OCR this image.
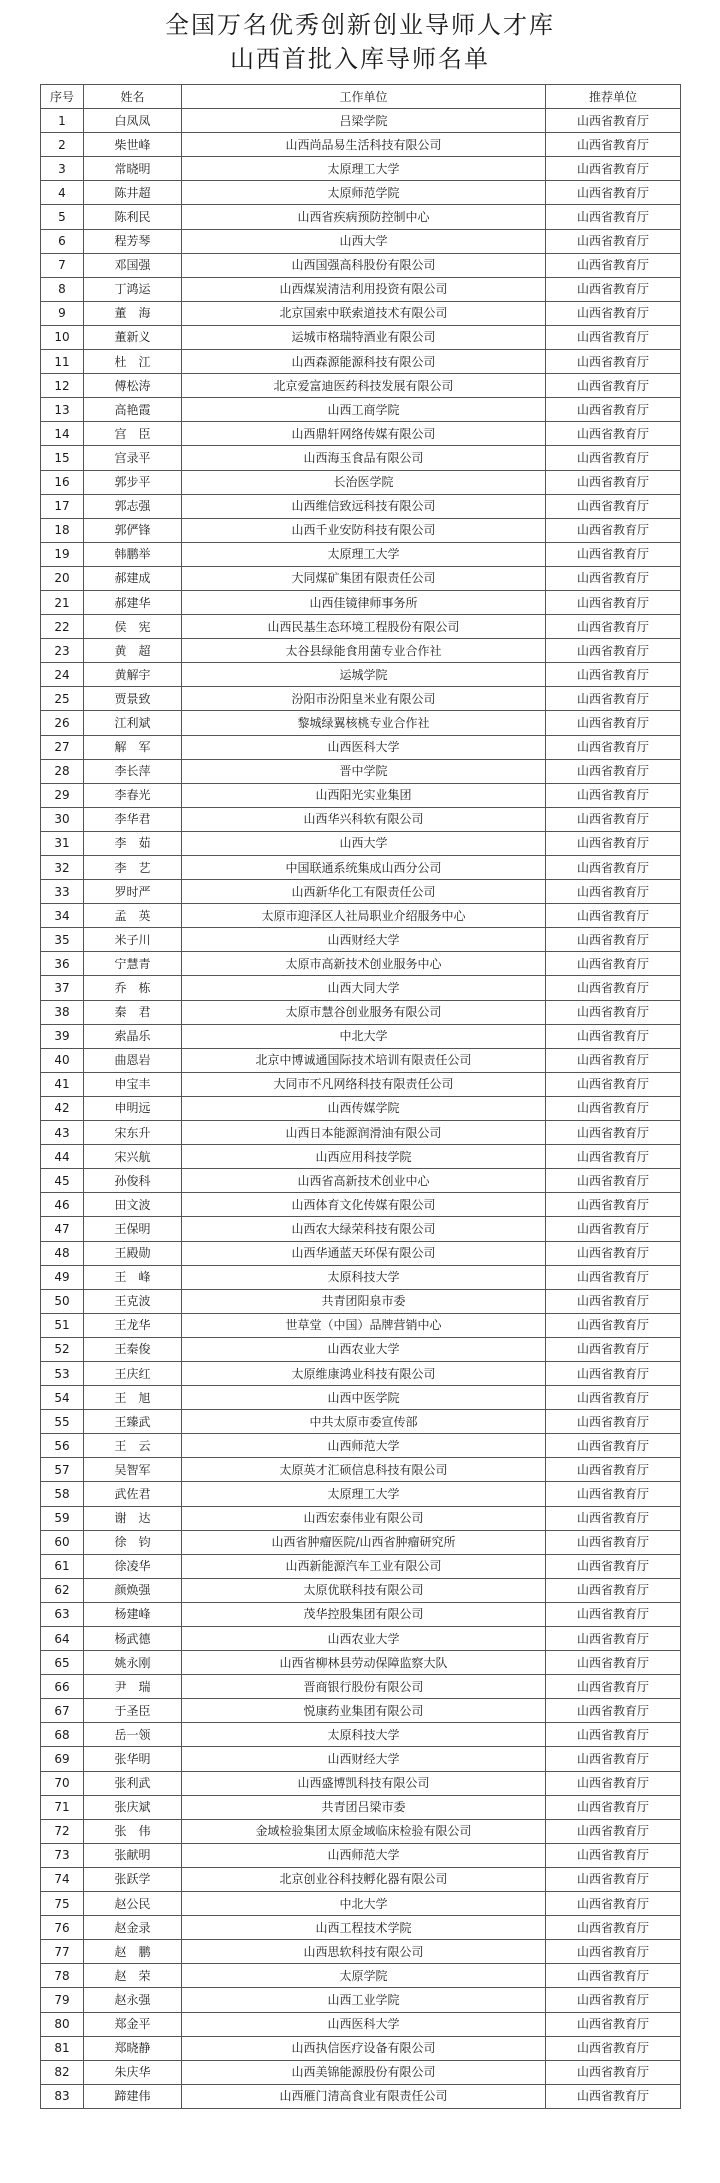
全国万名优秀创新创业导师人才库
山西首批入库导师名单
序号	姓名	工作单位	推荐单位
1	白凤凤	吕梁学院	山西省教育厅
2	柴世峰	山西尚品易生活科技有限公司	山西省教育厅
3	常晓明	太原理工大学	山西省教育厅
4	陈井超	太原师范学院	山西省教育厅
5	陈利民	山西省疾病预防控制中心	山西省教育厅
6	程芳琴	山西大学	山西省教育厅
7	邓国强	山西国强高科股份有限公司	山西省教育厅
8	丁鸿运	山西煤炭清洁利用投资有限公司	山西省教育厅
9	董　海	北京国索中联索道技术有限公司	山西省教育厅
10	董新义	运城市格瑞特酒业有限公司	山西省教育厅
11	杜　江	山西森源能源科技有限公司	山西省教育厅
12	傅松涛	北京爱富迪医药科技发展有限公司	山西省教育厅
13	高艳霞	山西工商学院	山西省教育厅
14	宫　臣	山西鼎轩网络传媒有限公司	山西省教育厅
15	宫录平	山西海玉食品有限公司	山西省教育厅
16	郭步平	长治医学院	山西省教育厅
17	郭志强	山西维信致远科技有限公司	山西省教育厅
18	郭俨锋	山西千业安防科技有限公司	山西省教育厅
19	韩鹏举	太原理工大学	山西省教育厅
20	郝建成	大同煤矿集团有限责任公司	山西省教育厅
21	郝建华	山西佳镜律师事务所	山西省教育厅
22	侯　宪	山西民基生态环境工程股份有限公司	山西省教育厅
23	黄　超	太谷县绿能食用菌专业合作社	山西省教育厅
24	黄解宇	运城学院	山西省教育厅
25	贾景致	汾阳市汾阳皇米业有限公司	山西省教育厅
26	江利斌	黎城绿翼核桃专业合作社	山西省教育厅
27	解　军	山西医科大学	山西省教育厅
28	李长萍	晋中学院	山西省教育厅
29	李春光	山西阳光实业集团	山西省教育厅
30	李华君	山西华兴科软有限公司	山西省教育厅
31	李　茹	山西大学	山西省教育厅
32	李　艺	中国联通系统集成山西分公司	山西省教育厅
33	罗时严	山西新华化工有限责任公司	山西省教育厅
34	孟　英	太原市迎泽区人社局职业介绍服务中心	山西省教育厅
35	米子川	山西财经大学	山西省教育厅
36	宁慧青	太原市高新技术创业服务中心	山西省教育厅
37	乔　栋	山西大同大学	山西省教育厅
38	秦　君	太原市慧谷创业服务有限公司	山西省教育厅
39	索晶乐	中北大学	山西省教育厅
40	曲恩岩	北京中博诚通国际技术培训有限责任公司	山西省教育厅
41	申宝丰	大同市不凡网络科技有限责任公司	山西省教育厅
42	申明远	山西传媒学院	山西省教育厅
43	宋东升	山西日本能源润滑油有限公司	山西省教育厅
44	宋兴航	山西应用科技学院	山西省教育厅
45	孙俊科	山西省高新技术创业中心	山西省教育厅
46	田文波	山西体育文化传媒有限公司	山西省教育厅
47	王保明	山西农大绿荣科技有限公司	山西省教育厅
48	王殿勋	山西华通蓝天环保有限公司	山西省教育厅
49	王　峰	太原科技大学	山西省教育厅
50	王克波	共青团阳泉市委	山西省教育厅
51	王龙华	世草堂（中国）品牌营销中心	山西省教育厅
52	王秦俊	山西农业大学	山西省教育厅
53	王庆红	太原维康鸿业科技有限公司	山西省教育厅
54	王　旭	山西中医学院	山西省教育厅
55	王臻武	中共太原市委宣传部	山西省教育厅
56	王　云	山西师范大学	山西省教育厅
57	吴智军	太原英才汇硕信息科技有限公司	山西省教育厅
58	武佐君	太原理工大学	山西省教育厅
59	谢　达	山西宏泰伟业有限公司	山西省教育厅
60	徐　钧	山西省肿瘤医院/山西省肿瘤研究所	山西省教育厅
61	徐凌华	山西新能源汽车工业有限公司	山西省教育厅
62	颜焕强	太原优联科技有限公司	山西省教育厅
63	杨建峰	茂华控股集团有限公司	山西省教育厅
64	杨武德	山西农业大学	山西省教育厅
65	姚永刚	山西省柳林县劳动保障监察大队	山西省教育厅
66	尹　瑞	晋商银行股份有限公司	山西省教育厅
67	于圣臣	悦康药业集团有限公司	山西省教育厅
68	岳一领	太原科技大学	山西省教育厅
69	张华明	山西财经大学	山西省教育厅
70	张利武	山西盛博凯科技有限公司	山西省教育厅
71	张庆斌	共青团吕梁市委	山西省教育厅
72	张　伟	金域检验集团太原金域临床检验有限公司	山西省教育厅
73	张献明	山西师范大学	山西省教育厅
74	张跃学	北京创业谷科技孵化器有限公司	山西省教育厅
75	赵公民	中北大学	山西省教育厅
76	赵金录	山西工程技术学院	山西省教育厅
77	赵　鹏	山西思软科技有限公司	山西省教育厅
78	赵　荣	太原学院	山西省教育厅
79	赵永强	山西工业学院	山西省教育厅
80	郑金平	山西医科大学	山西省教育厅
81	郑晓静	山西执信医疗设备有限公司	山西省教育厅
82	朱庆华	山西美锦能源股份有限公司	山西省教育厅
83	蹄建伟	山西雁门清高食业有限责任公司	山西省教育厅
